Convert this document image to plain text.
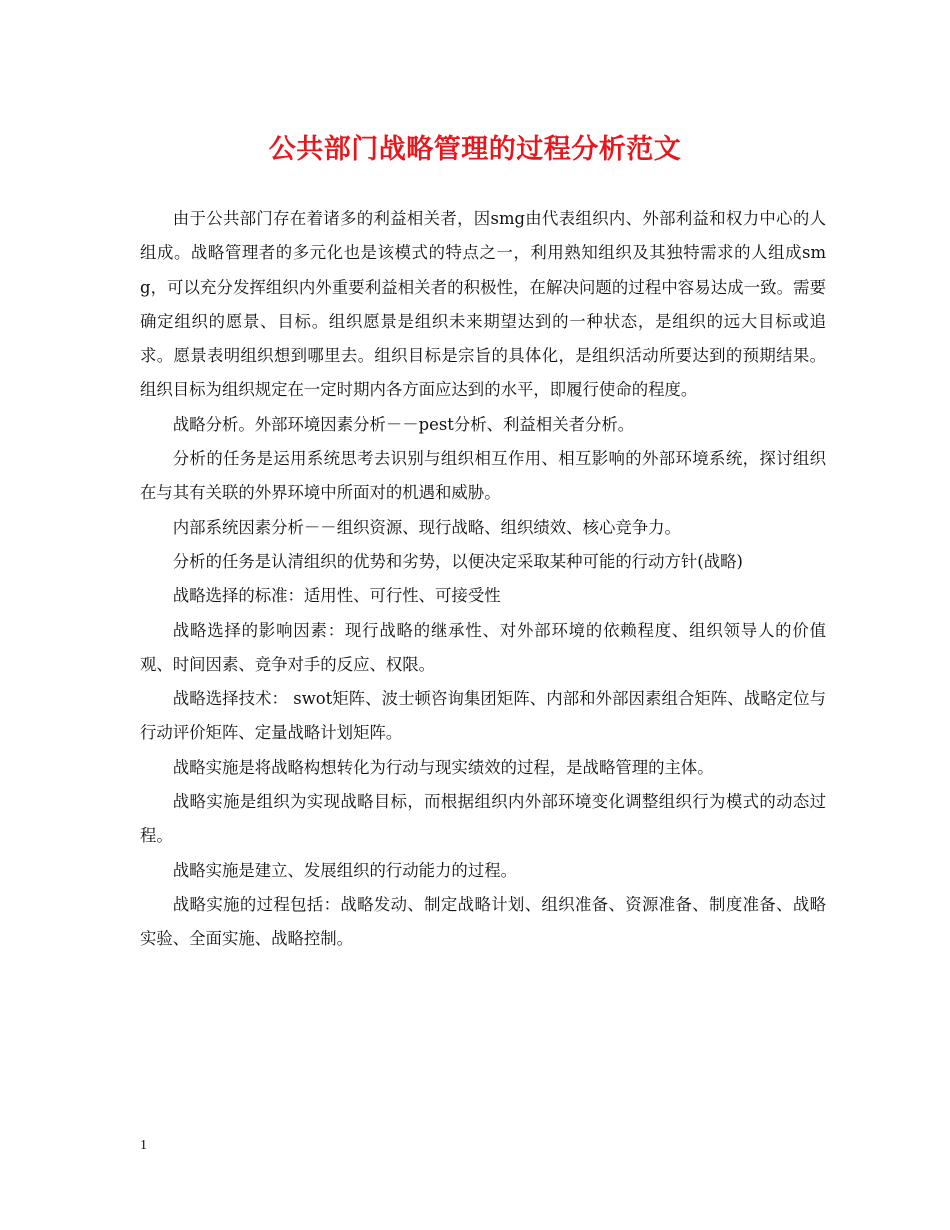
公共部门战略管理的过程分析范文

由于公共部门存在着诸多的利益相关者，因smg由代表组织内、外部利益和权力中心的人组成。战略管理者的多元化也是该模式的特点之一，利用熟知组织及其独特需求的人组成smg，可以充分发挥组织内外重要利益相关者的积极性，在解决问题的过程中容易达成一致。需要确定组织的愿景、目标。组织愿景是组织未来期望达到的一种状态，是组织的远大目标或追求。愿景表明组织想到哪里去。组织目标是宗旨的具体化，是组织活动所要达到的预期结果。组织目标为组织规定在一定时期内各方面应达到的水平，即履行使命的程度。

战略分析。外部环境因素分析－－pest分析、利益相关者分析。

分析的任务是运用系统思考去识别与组织相互作用、相互影响的外部环境系统，探讨组织在与其有关联的外界环境中所面对的机遇和威胁。

内部系统因素分析－－组织资源、现行战略、组织绩效、核心竞争力。

分析的任务是认清组织的优势和劣势，以便决定采取某种可能的行动方针(战略)

战略选择的标准：适用性、可行性、可接受性

战略选择的影响因素：现行战略的继承性、对外部环境的依赖程度、组织领导人的价值观、时间因素、竞争对手的反应、权限。

战略选择技术： swot矩阵、波士顿咨询集团矩阵、内部和外部因素组合矩阵、战略定位与行动评价矩阵、定量战略计划矩阵。

战略实施是将战略构想转化为行动与现实绩效的过程，是战略管理的主体。

战略实施是组织为实现战略目标，而根据组织内外部环境变化调整组织行为模式的动态过程。

战略实施是建立、发展组织的行动能力的过程。

战略实施的过程包括：战略发动、制定战略计划、组织准备、资源准备、制度准备、战略实验、全面实施、战略控制。

1
